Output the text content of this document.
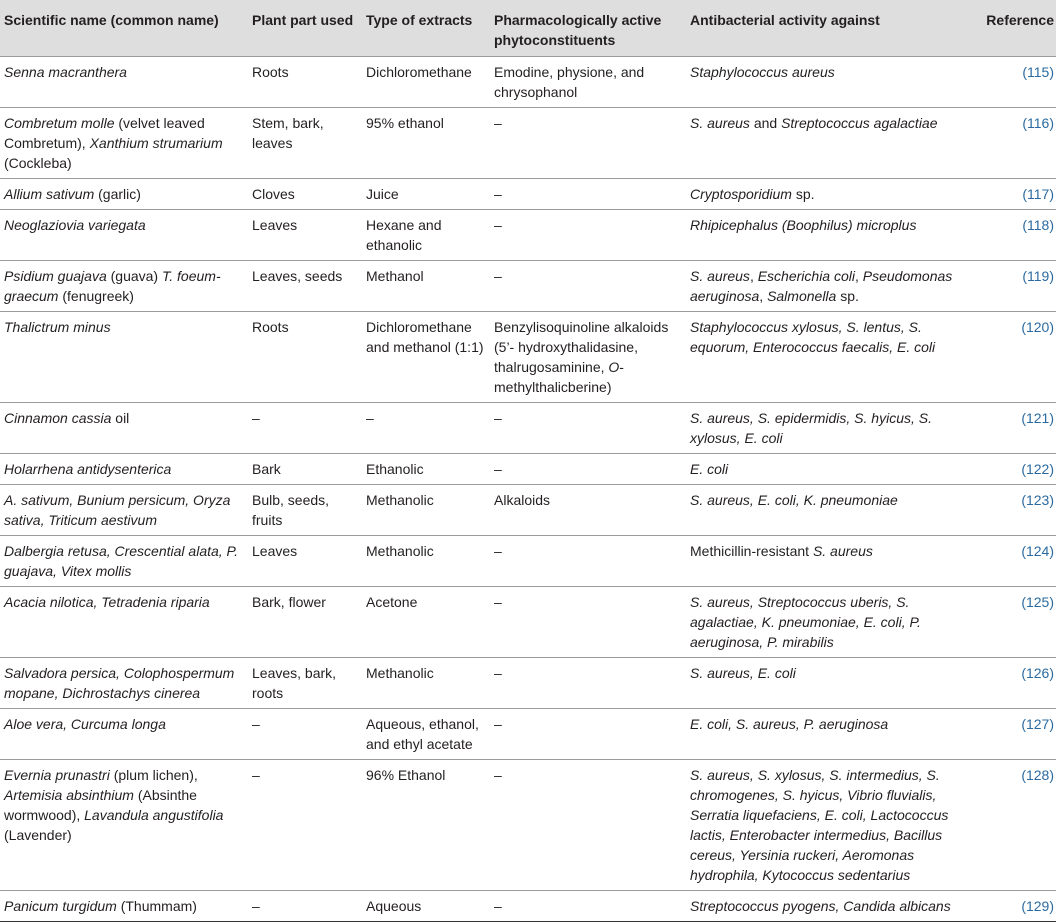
Scientific name (common name)	Plant part used	Type of extracts	Pharmacologically active phytoconstituents	Antibacterial activity against	Reference
Senna macranthera	Roots	Dichloromethane	Emodine, physione, and chrysophanol	Staphylococcus aureus	(115)
Combretum molle (velvet leaved Combretum), Xanthium strumarium (Cockleba)	Stem, bark, leaves	95% ethanol	–	S. aureus and Streptococcus agalactiae	(116)
Allium sativum (garlic)	Cloves	Juice	–	Cryptosporidium sp.	(117)
Neoglaziovia variegata	Leaves	Hexane and ethanolic	–	Rhipicephalus (Boophilus) microplus	(118)
Psidium guajava (guava) T. foeum-graecum (fenugreek)	Leaves, seeds	Methanol	–	S. aureus, Escherichia coli, Pseudomonas aeruginosa, Salmonella sp.	(119)
Thalictrum minus	Roots	Dichloromethane and methanol (1:1)	Benzylisoquinoline alkaloids (5’- hydroxythalidasine, thalrugosaminine, O-methylthalicberine)	Staphylococcus xylosus, S. lentus, S. equorum, Enterococcus faecalis, E. coli	(120)
Cinnamon cassia oil	–	–	–	S. aureus, S. epidermidis, S. hyicus, S. xylosus, E. coli	(121)
Holarrhena antidysenterica	Bark	Ethanolic	–	E. coli	(122)
A. sativum, Bunium persicum, Oryza sativa, Triticum aestivum	Bulb, seeds, fruits	Methanolic	Alkaloids	S. aureus, E. coli, K. pneumoniae	(123)
Dalbergia retusa, Crescential alata, P. guajava, Vitex mollis	Leaves	Methanolic	–	Methicillin-resistant S. aureus	(124)
Acacia nilotica, Tetradenia riparia	Bark, flower	Acetone	–	S. aureus, Streptococcus uberis, S. agalactiae, K. pneumoniae, E. coli, P. aeruginosa, P. mirabilis	(125)
Salvadora persica, Colophospermum mopane, Dichrostachys cinerea	Leaves, bark, roots	Methanolic	–	S. aureus, E. coli	(126)
Aloe vera, Curcuma longa	–	Aqueous, ethanol, and ethyl acetate	–	E. coli, S. aureus, P. aeruginosa	(127)
Evernia prunastri (plum lichen), Artemisia absinthium (Absinthe wormwood), Lavandula angustifolia (Lavender)	–	96% Ethanol	–	S. aureus, S. xylosus, S. intermedius, S. chromogenes, S. hyicus, Vibrio fluvialis, Serratia liquefaciens, E. coli, Lactococcus lactis, Enterobacter intermedius, Bacillus cereus, Yersinia ruckeri, Aeromonas hydrophila, Kytococcus sedentarius	(128)
Panicum turgidum (Thummam)	–	Aqueous	–	Streptococcus pyogens, Candida albicans	(129)
